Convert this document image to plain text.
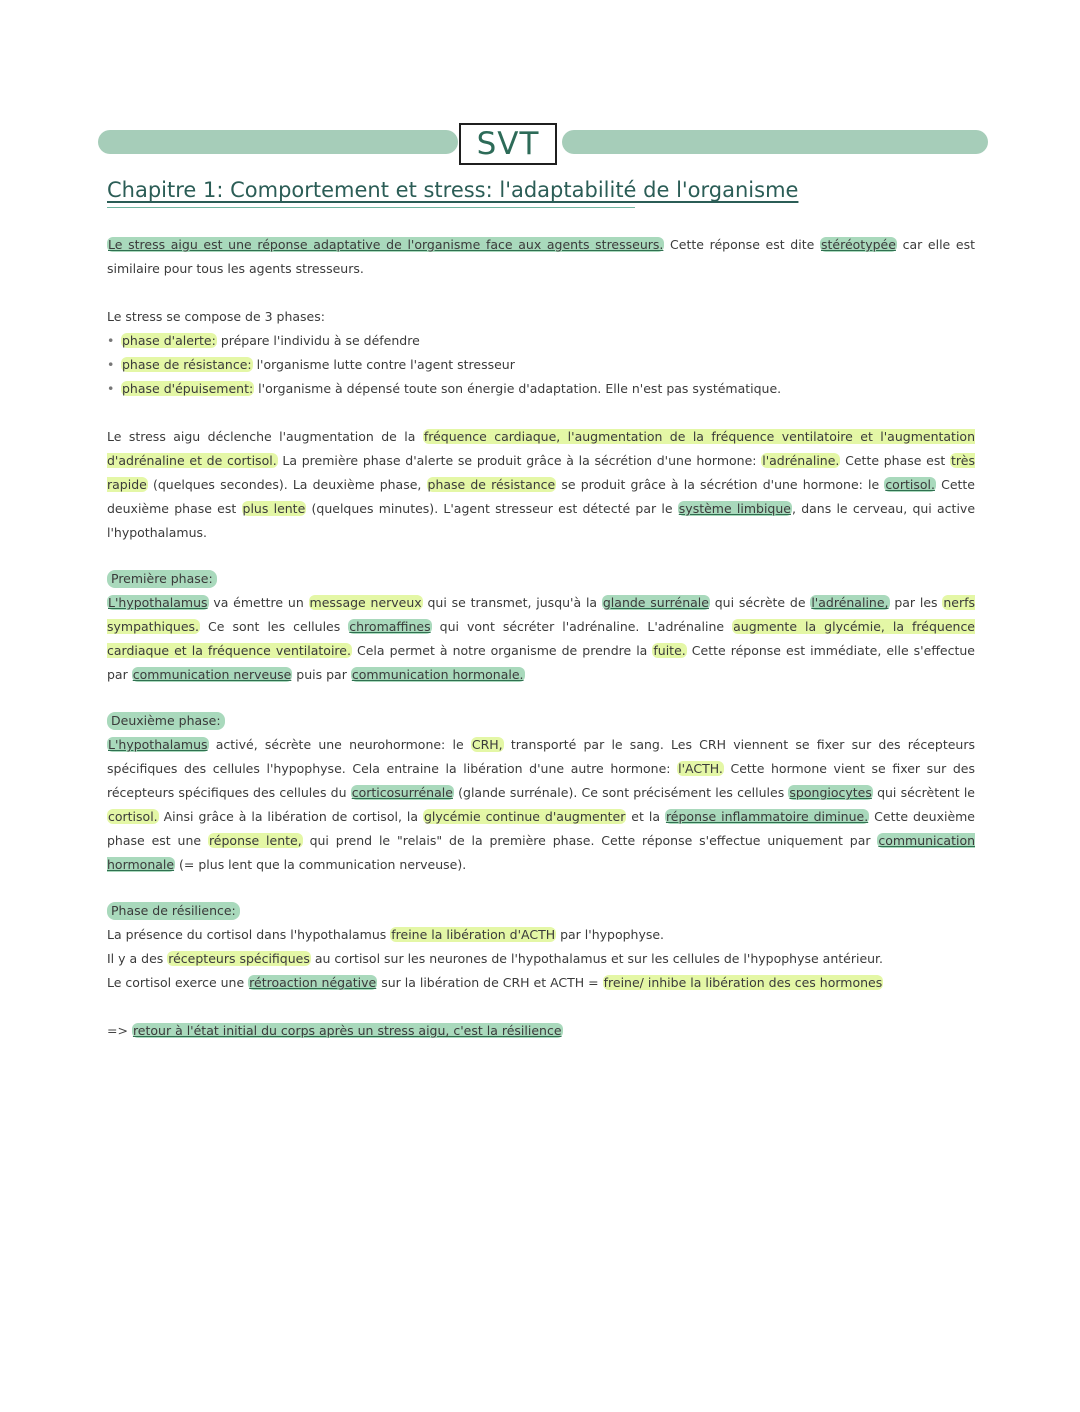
SVT
Chapitre 1: Comportement et stress: l'adaptabilité de l'organisme

Le stress aigu est une réponse adaptative de l'organisme face aux agents stresseurs. Cette réponse est dite stéréotypée car elle est similaire pour tous les agents stresseurs.

Le stress se compose de 3 phases:

• phase d'alerte: prépare l'individu à se défendre
• phase de résistance: l'organisme lutte contre l'agent stresseur
• phase d'épuisement: l'organisme à dépensé toute son énergie d'adaptation. Elle n'est pas systématique.

Le stress aigu déclenche l'augmentation de la fréquence cardiaque, l'augmentation de la fréquence ventilatoire et l'augmentation d'adrénaline et de cortisol. La première phase d'alerte se produit grâce à la sécrétion d'une hormone: l'adrénaline. Cette phase est très rapide (quelques secondes). La deuxième phase, phase de résistance se produit grâce à la sécrétion d'une hormone: le cortisol. Cette deuxième phase est plus lente (quelques minutes). L'agent stresseur est détecté par le système limbique, dans le cerveau, qui active l'hypothalamus.

Première phase:

L'hypothalamus va émettre un message nerveux qui se transmet, jusqu'à la glande surrénale qui sécrète de l'adrénaline, par les nerfs sympathiques. Ce sont les cellules chromaffines qui vont sécréter l'adrénaline. L'adrénaline augmente la glycémie, la fréquence cardiaque et la fréquence ventilatoire. Cela permet à notre organisme de prendre la fuite. Cette réponse est immédiate, elle s'effectue par communication nerveuse puis par communication hormonale.

Deuxième phase:

L'hypothalamus activé, sécrète une neurohormone: le CRH, transporté par le sang. Les CRH viennent se fixer sur des récepteurs spécifiques des cellules l'hypophyse. Cela entraine la libération d'une autre hormone: l'ACTH. Cette hormone vient se fixer sur des récepteurs spécifiques des cellules du corticosurrénale (glande surrénale). Ce sont précisément les cellules spongiocytes qui sécrètent le cortisol. Ainsi grâce à la libération de cortisol, la glycémie continue d'augmenter et la réponse inflammatoire diminue. Cette deuxième phase est une réponse lente, qui prend le "relais" de la première phase. Cette réponse s'effectue uniquement par communication hormonale (= plus lent que la communication nerveuse).

Phase de résilience:

La présence du cortisol dans l'hypothalamus freine la libération d'ACTH par l'hypophyse.

Il y a des récepteurs spécifiques au cortisol sur les neurones de l'hypothalamus et sur les cellules de l'hypophyse antérieur.

Le cortisol exerce une rétroaction négative sur la libération de CRH et ACTH = freine/ inhibe la libération des ces hormones

=> retour à l'état initial du corps après un stress aigu, c'est la résilience
